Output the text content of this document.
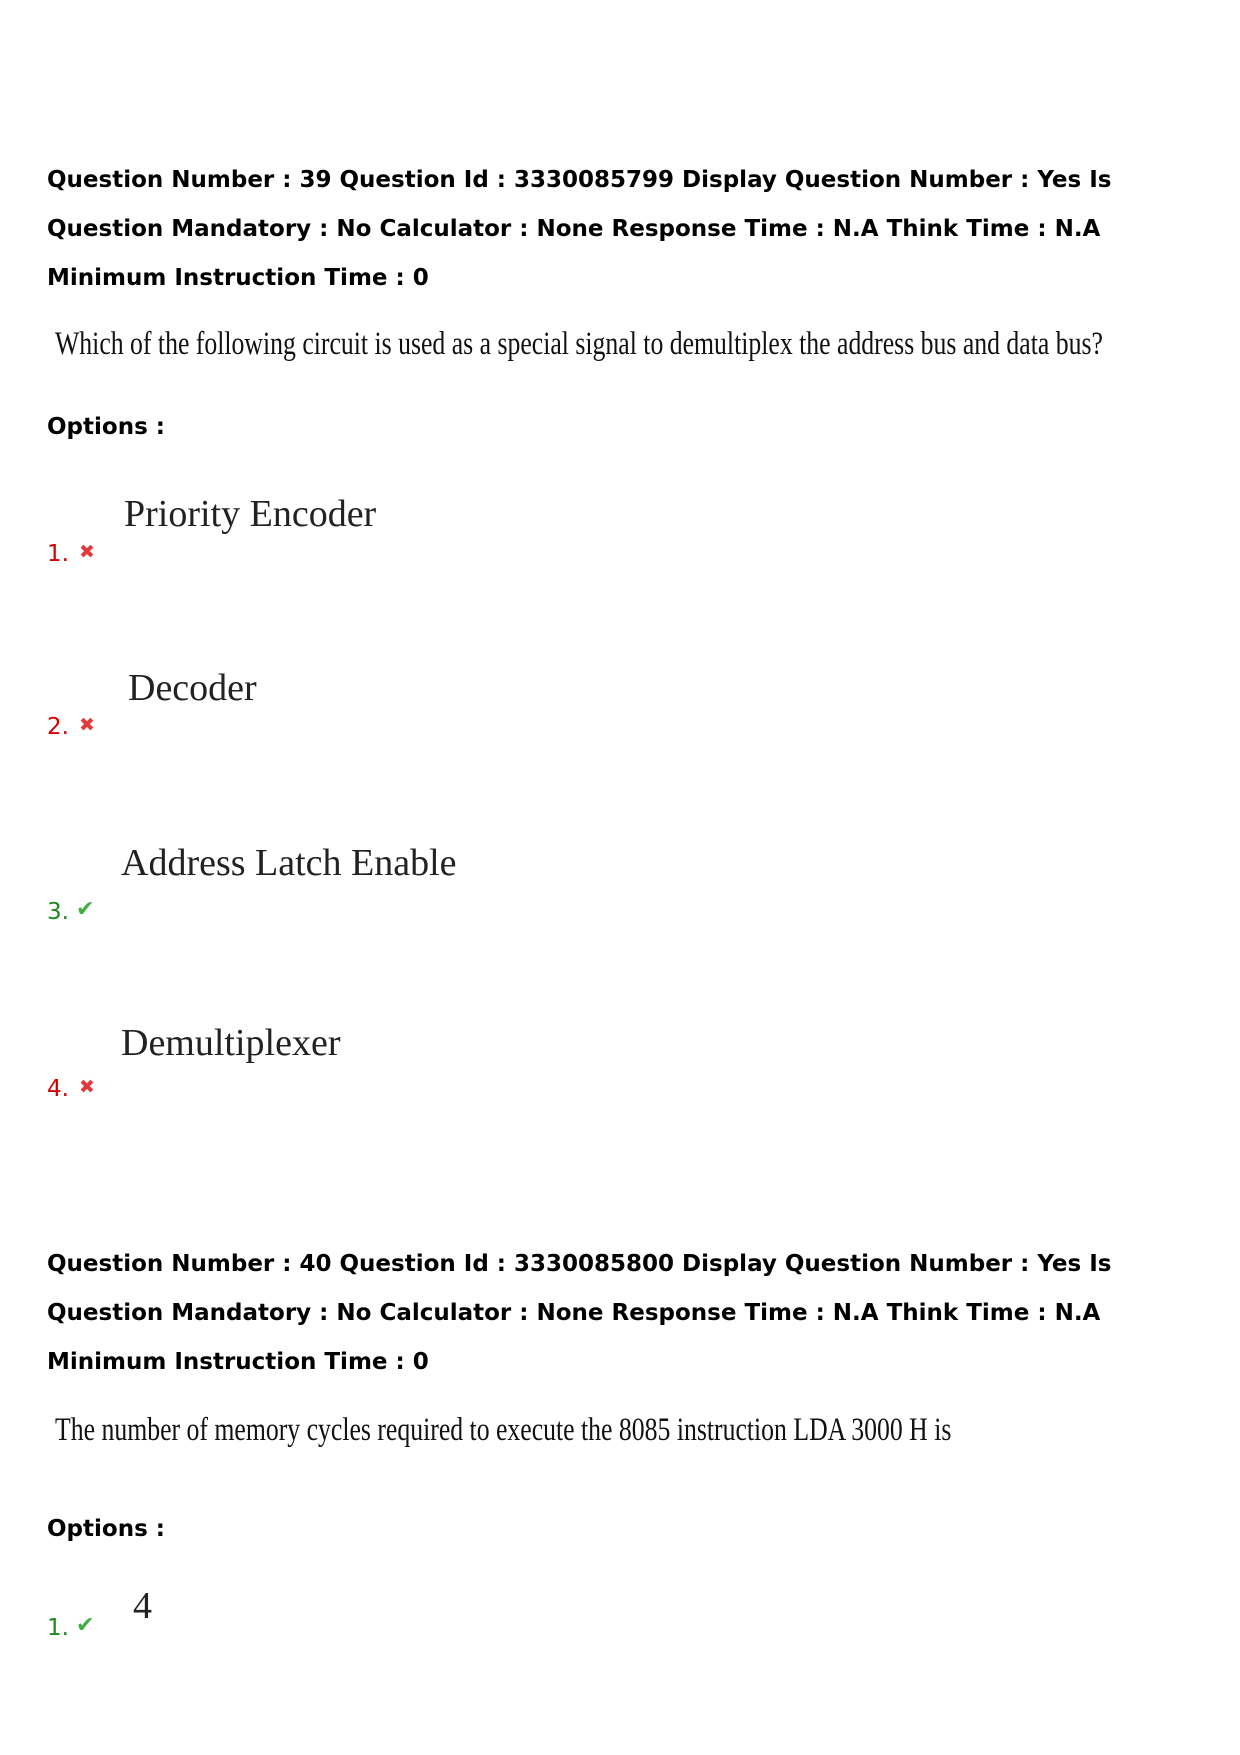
Question Number : 39 Question Id : 3330085799 Display Question Number : Yes Is Question Mandatory : No Calculator : None Response Time : N.A Think Time : N.A Minimum Instruction Time : 0

Which of the following circuit is used as a special signal to demultiplex the address bus and data bus?
Options :
Priority Encoder
1. ✖
Decoder
2. ✖
Address Latch Enable
3. ✔
Demultiplexer
4. ✖

Question Number : 40 Question Id : 3330085800 Display Question Number : Yes Is Question Mandatory : No Calculator : None Response Time : N.A Think Time : N.A Minimum Instruction Time : 0

The number of memory cycles required to execute the 8085 instruction LDA 3000 H is
Options :
4
1. ✔
